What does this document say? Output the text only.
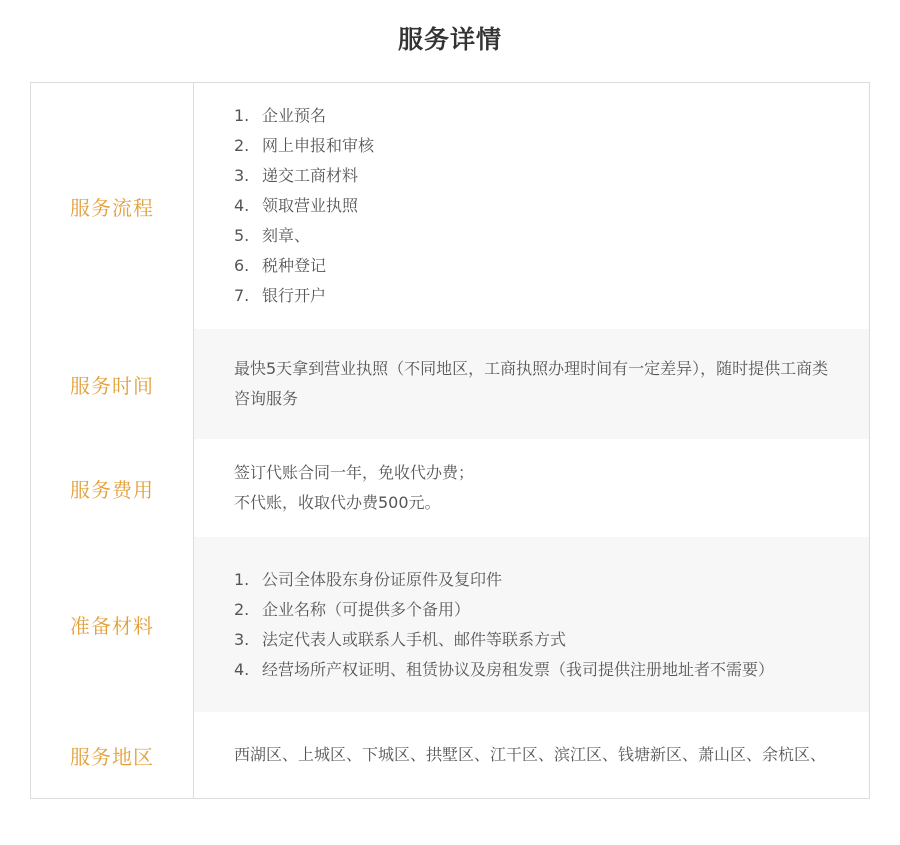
服务详情
服务流程
1. 企业预名
2. 网上申报和审核
3. 递交工商材料
4. 领取营业执照
5. 刻章、
6. 税种登记
7. 银行开户
服务时间
最快5天拿到营业执照（不同地区，工商执照办理时间有一定差异），随时提供工商类咨询服务
服务费用
签订代账合同一年，免收代办费；
不代账，收取代办费500元。
准备材料
1. 公司全体股东身份证原件及复印件
2. 企业名称（可提供多个备用）
3. 法定代表人或联系人手机、邮件等联系方式
4. 经营场所产权证明、租赁协议及房租发票（我司提供注册地址者不需要）
服务地区	西湖区、上城区、下城区、拱墅区、江干区、滨江区、钱塘新区、萧山区、余杭区、
